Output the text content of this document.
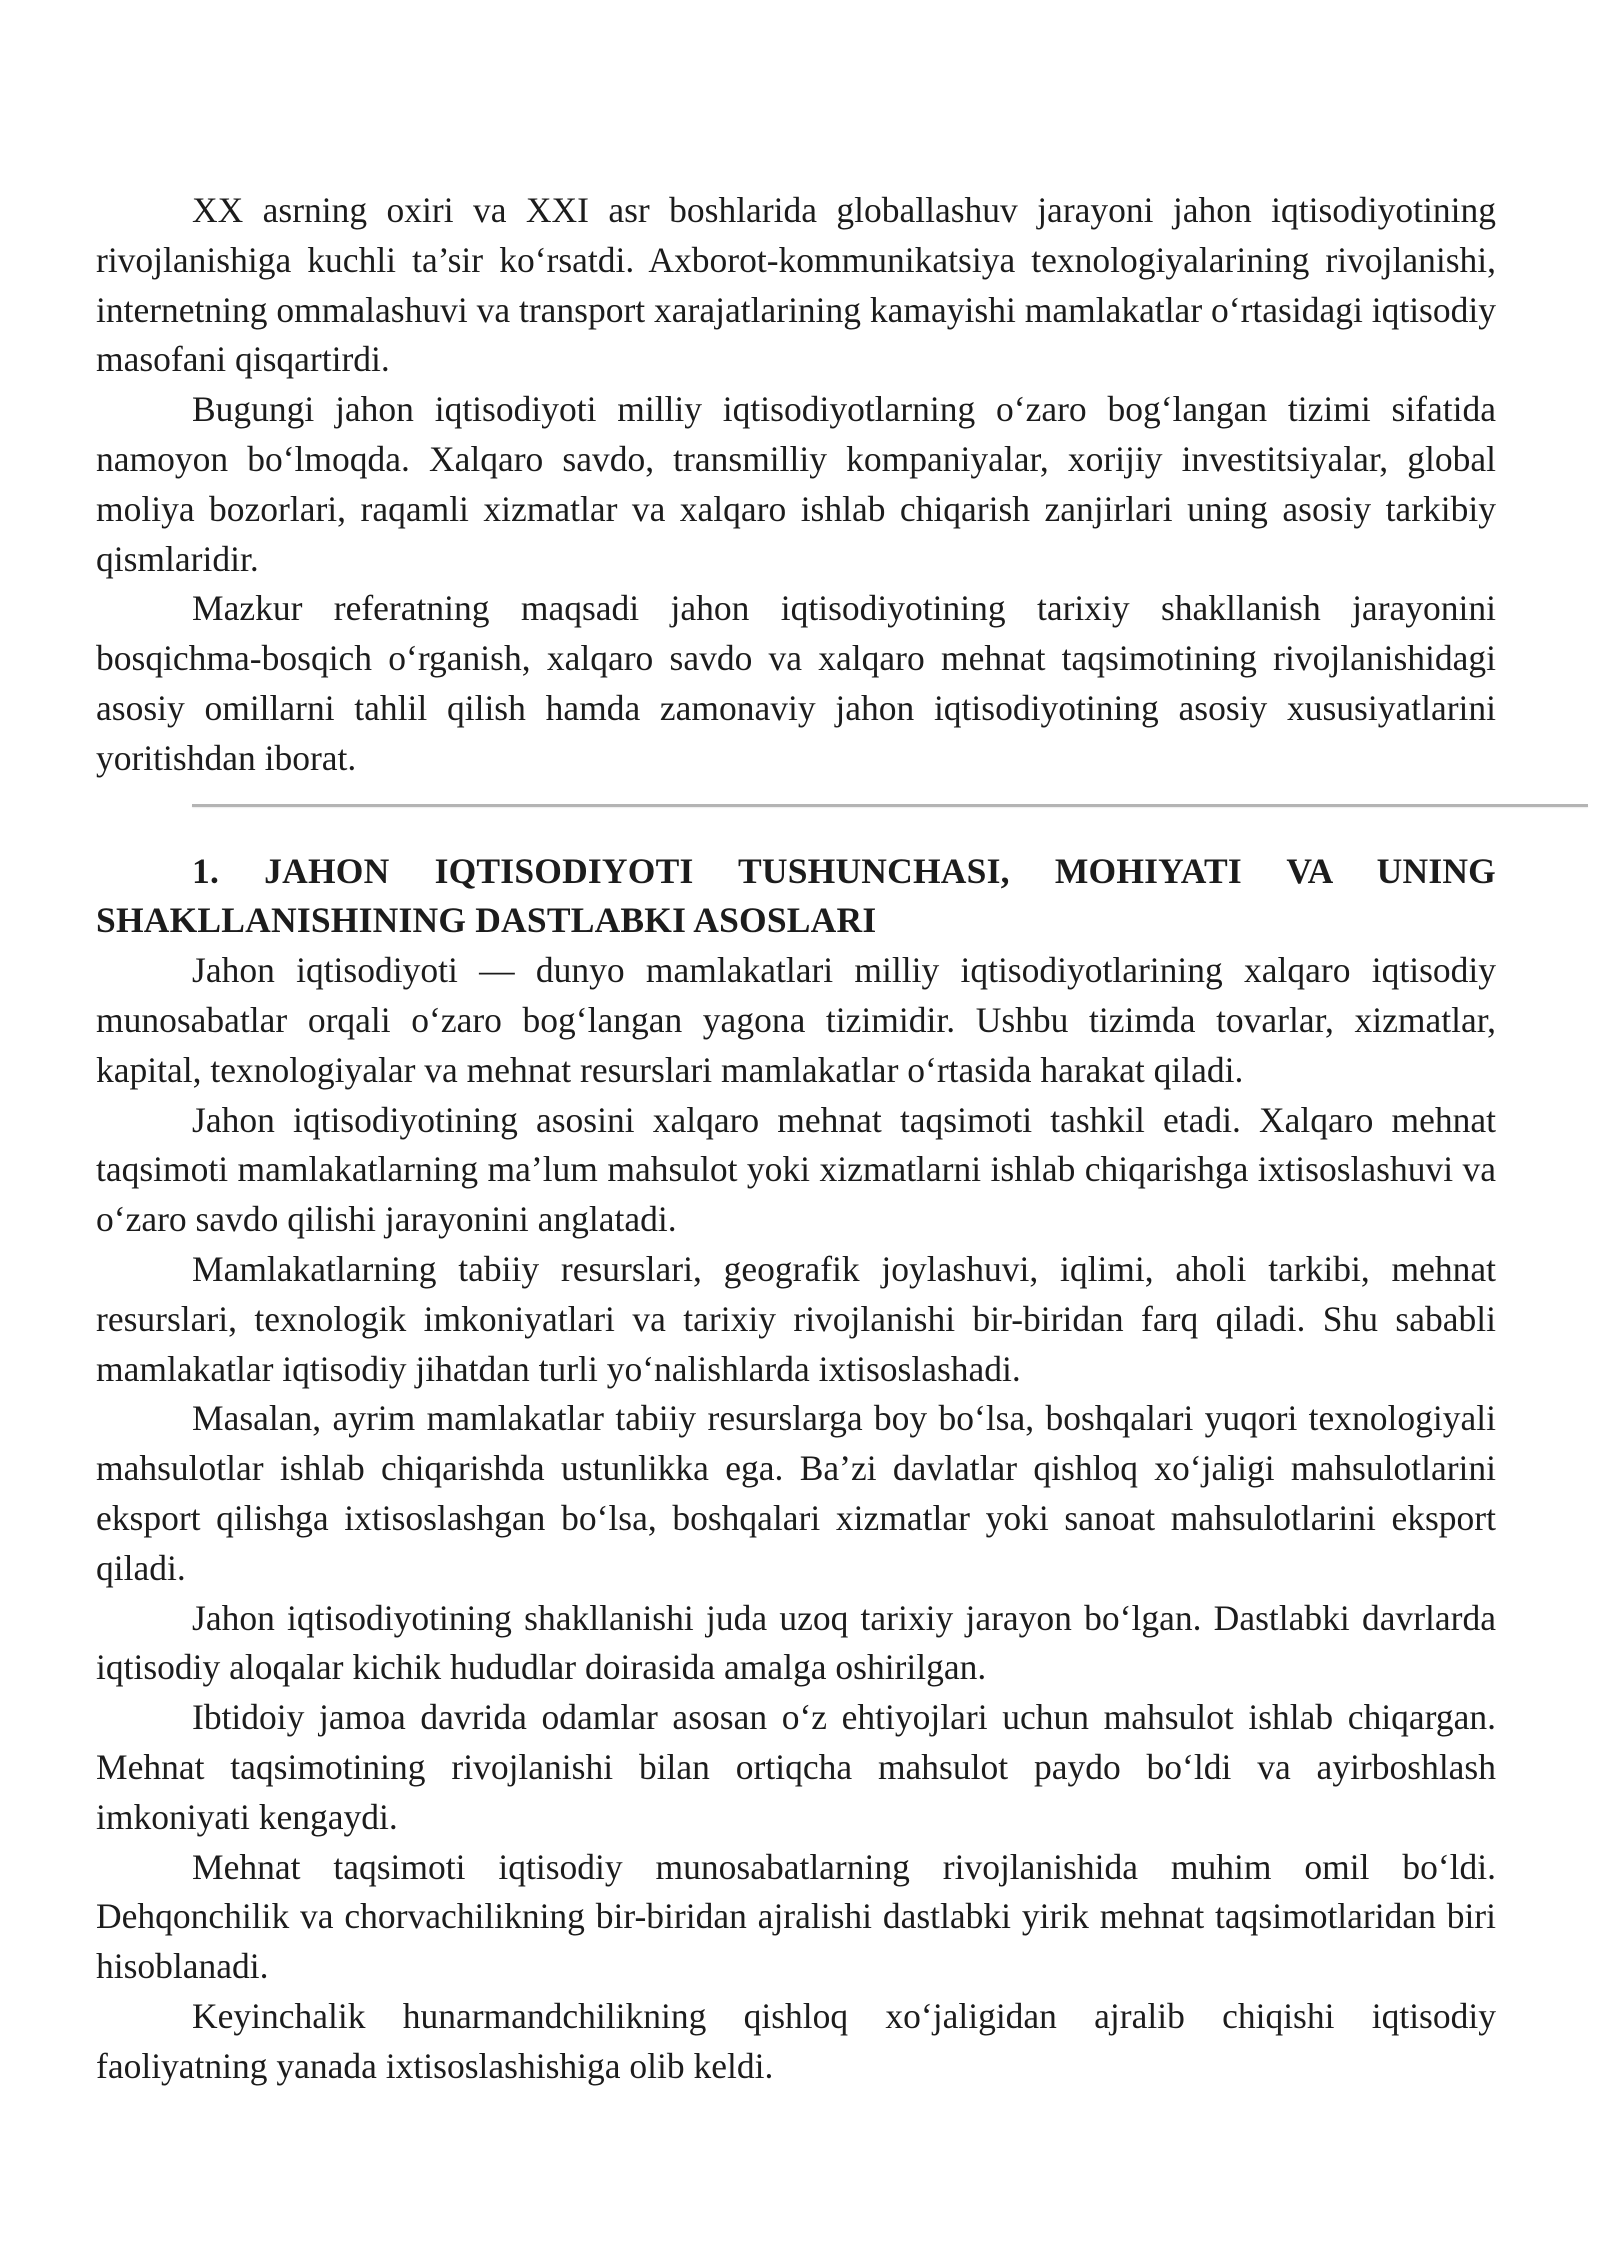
XX asrning oxiri va XXI asr boshlarida globallashuv jarayoni jahon iqtisodiyotining rivojlanishiga kuchli ta’sir ko‘rsatdi. Axborot-kommunikatsiya texnologiyalarining rivojlanishi, internetning ommalashuvi va transport xarajatlarining kamayishi mamlakatlar o‘rtasidagi iqtisodiy masofani qisqartirdi.

Bugungi jahon iqtisodiyoti milliy iqtisodiyotlarning o‘zaro bog‘langan tizimi sifatida namoyon bo‘lmoqda. Xalqaro savdo, transmilliy kompaniyalar, xorijiy investitsiyalar, global moliya bozorlari, raqamli xizmatlar va xalqaro ishlab chiqarish zanjirlari uning asosiy tarkibiy qismlaridir.

Mazkur referatning maqsadi jahon iqtisodiyotining tarixiy shakllanish jarayonini bosqichma-bosqich o‘rganish, xalqaro savdo va xalqaro mehnat taqsimotining rivojlanishidagi asosiy omillarni tahlil qilish hamda zamonaviy jahon iqtisodiyotining asosiy xususiyatlarini yoritishdan iborat.

1. JAHON IQTISODIYOTI TUSHUNCHASI, MOHIYATI VA UNING SHAKLLANISHINING DASTLABKI ASOSLARI

Jahon iqtisodiyoti — dunyo mamlakatlari milliy iqtisodiyotlarining xalqaro iqtisodiy munosabatlar orqali o‘zaro bog‘langan yagona tizimidir. Ushbu tizimda tovarlar, xizmatlar, kapital, texnologiyalar va mehnat resurslari mamlakatlar o‘rtasida harakat qiladi.

Jahon iqtisodiyotining asosini xalqaro mehnat taqsimoti tashkil etadi. Xalqaro mehnat taqsimoti mamlakatlarning ma’lum mahsulot yoki xizmatlarni ishlab chiqarishga ixtisoslashuvi va o‘zaro savdo qilishi jarayonini anglatadi.

Mamlakatlarning tabiiy resurslari, geografik joylashuvi, iqlimi, aholi tarkibi, mehnat resurslari, texnologik imkoniyatlari va tarixiy rivojlanishi bir-biridan farq qiladi. Shu sababli mamlakatlar iqtisodiy jihatdan turli yo‘nalishlarda ixtisoslashadi.

Masalan, ayrim mamlakatlar tabiiy resurslarga boy bo‘lsa, boshqalari yuqori texnologiyali mahsulotlar ishlab chiqarishda ustunlikka ega. Ba’zi davlatlar qishloq xo‘jaligi mahsulotlarini eksport qilishga ixtisoslashgan bo‘lsa, boshqalari xizmatlar yoki sanoat mahsulotlarini eksport qiladi.

Jahon iqtisodiyotining shakllanishi juda uzoq tarixiy jarayon bo‘lgan. Dastlabki davrlarda iqtisodiy aloqalar kichik hududlar doirasida amalga oshirilgan.

Ibtidoiy jamoa davrida odamlar asosan o‘z ehtiyojlari uchun mahsulot ishlab chiqargan. Mehnat taqsimotining rivojlanishi bilan ortiqcha mahsulot paydo bo‘ldi va ayirboshlash imkoniyati kengaydi.

Mehnat taqsimoti iqtisodiy munosabatlarning rivojlanishida muhim omil bo‘ldi. Dehqonchilik va chorvachilikning bir-biridan ajralishi dastlabki yirik mehnat taqsimotlaridan biri hisoblanadi.

Keyinchalik hunarmandchilikning qishloq xo‘jaligidan ajralib chiqishi iqtisodiy faoliyatning yanada ixtisoslashishiga olib keldi.
